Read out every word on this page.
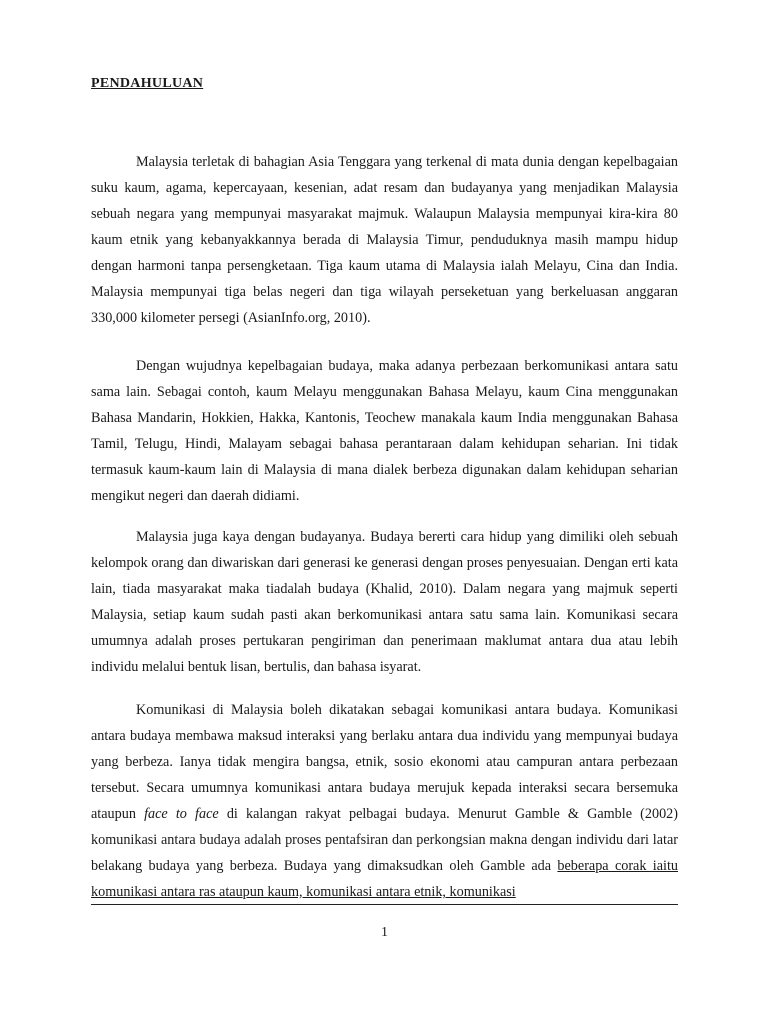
PENDAHULUAN

Malaysia terletak di bahagian Asia Tenggara yang terkenal di mata dunia dengan kepelbagaian suku kaum, agama, kepercayaan, kesenian, adat resam dan budayanya yang menjadikan Malaysia sebuah negara yang mempunyai masyarakat majmuk. Walaupun Malaysia mempunyai kira-kira 80 kaum etnik yang kebanyakkannya berada di Malaysia Timur, penduduknya masih mampu hidup dengan harmoni tanpa persengketaan. Tiga kaum utama di Malaysia ialah Melayu, Cina dan India. Malaysia mempunyai tiga belas negeri dan tiga wilayah perseketuan yang berkeluasan anggaran 330,000 kilometer persegi (AsianInfo.org, 2010).

Dengan wujudnya kepelbagaian budaya, maka adanya perbezaan berkomunikasi antara satu sama lain. Sebagai contoh, kaum Melayu menggunakan Bahasa Melayu, kaum Cina menggunakan Bahasa Mandarin, Hokkien, Hakka, Kantonis, Teochew manakala kaum India menggunakan Bahasa Tamil, Telugu, Hindi, Malayam sebagai bahasa perantaraan dalam kehidupan seharian. Ini tidak termasuk kaum-kaum lain di Malaysia di mana dialek berbeza digunakan dalam kehidupan seharian mengikut negeri dan daerah didiami.

Malaysia juga kaya dengan budayanya. Budaya bererti cara hidup yang dimiliki oleh sebuah kelompok orang dan diwariskan dari generasi ke generasi dengan proses penyesuaian. Dengan erti kata lain, tiada masyarakat maka tiadalah budaya (Khalid, 2010). Dalam negara yang majmuk seperti Malaysia, setiap kaum sudah pasti akan berkomunikasi antara satu sama lain. Komunikasi secara umumnya adalah proses pertukaran pengiriman dan penerimaan maklumat antara dua atau lebih individu melalui bentuk lisan, bertulis, dan bahasa isyarat.

Komunikasi di Malaysia boleh dikatakan sebagai komunikasi antara budaya. Komunikasi antara budaya membawa maksud interaksi yang berlaku antara dua individu yang mempunyai budaya yang berbeza. Ianya tidak mengira bangsa, etnik, sosio ekonomi atau campuran antara perbezaan tersebut. Secara umumnya komunikasi antara budaya merujuk kepada interaksi secara bersemuka ataupun face to face di kalangan rakyat pelbagai budaya. Menurut Gamble & Gamble (2002) komunikasi antara budaya adalah proses pentafsiran dan perkongsian makna dengan individu dari latar belakang budaya yang berbeza. Budaya yang dimaksudkan oleh Gamble ada beberapa corak iaitu komunikasi antara ras ataupun kaum, komunikasi antara etnik, komunikasi

1
